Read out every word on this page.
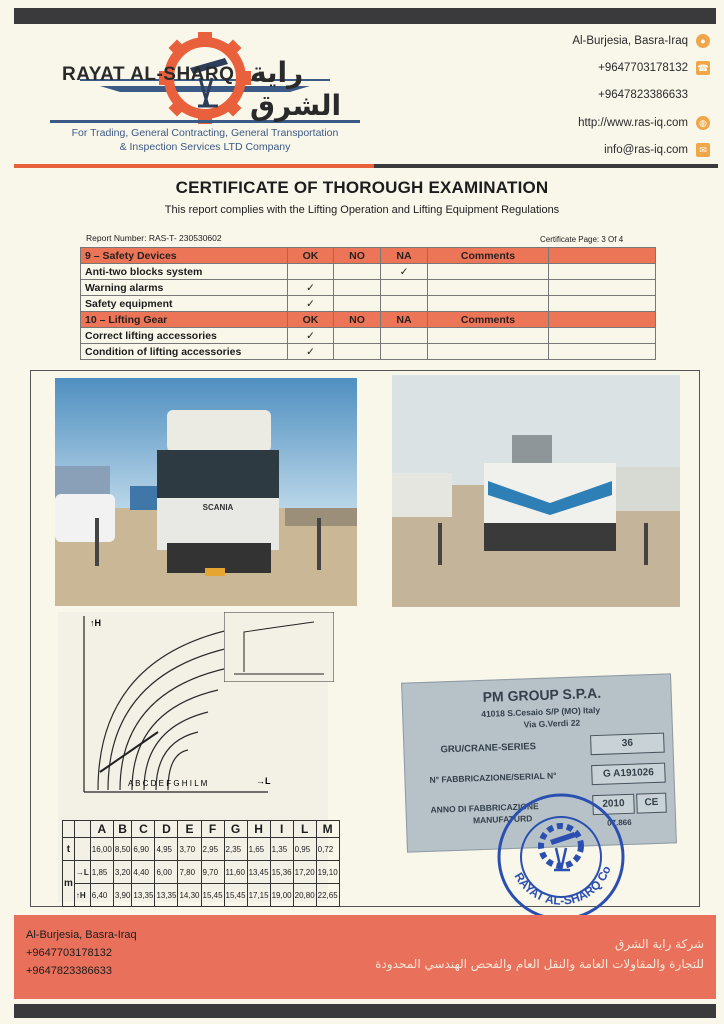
RAYAT AL-SHARQ راية الشرق
For Trading, General Contracting, General Transportation
& Inspection Services LTD Company
Al-Burjesia, Basra-Iraq ●
+9647703178132 ☎
+9647823386633
http://www.ras-iq.com ◍
info@ras-iq.com ✉
CERTIFICATE OF THOROUGH EXAMINATION
This report complies with the Lifting Operation and Lifting Equipment Regulations
Report Number: RAS-T- 230530602	Certificate Page: 3 Of 4
9 – Safety Devices	OK	NO	NA	Comments	
Anti-two blocks system			✓		
Warning alarms	✓				
Safety equipment	✓				
10 – Lifting Gear	OK	NO	NA	Comments	
Correct lifting accessories	✓				
Condition of lifting accessories	✓				
SCANIA
↑H
→L
A B C D E F G H I L M
		A	B	C	D	E	F	G	H	I	L	M
t		16,00	8,50	6,90	4,95	3,70	2,95	2,35	1,65	1,35	0,95	0,72
m	→L	1,85	3,20	4,40	6,00	7,80	9,70	11,60	13,45	15,36	17,20	19,10
	↑H	6,40	3,90	13,35	13,35	14,30	15,45	15,45	17,15	19,00	20,80	22,65
PM GROUP S.P.A.
41018 S.Cesaio S/P (MO) Italy
Via G.Verdi 22
GRU/CRANE-SERIES	36
N° FABBRICAZIONE/SERIAL N°	G A191026
ANNO DI FABBRICAZIONE
MANUFATURD
2010	CE
07.866
RAYAT AL-SHARQ Co
Al-Burjesia, Basra-Iraq
+9647703178132
+9647823386633
شركة راية الشرق
للتجارة والمقاولات العامة والنقل العام والفحص الهندسي المحدودة
